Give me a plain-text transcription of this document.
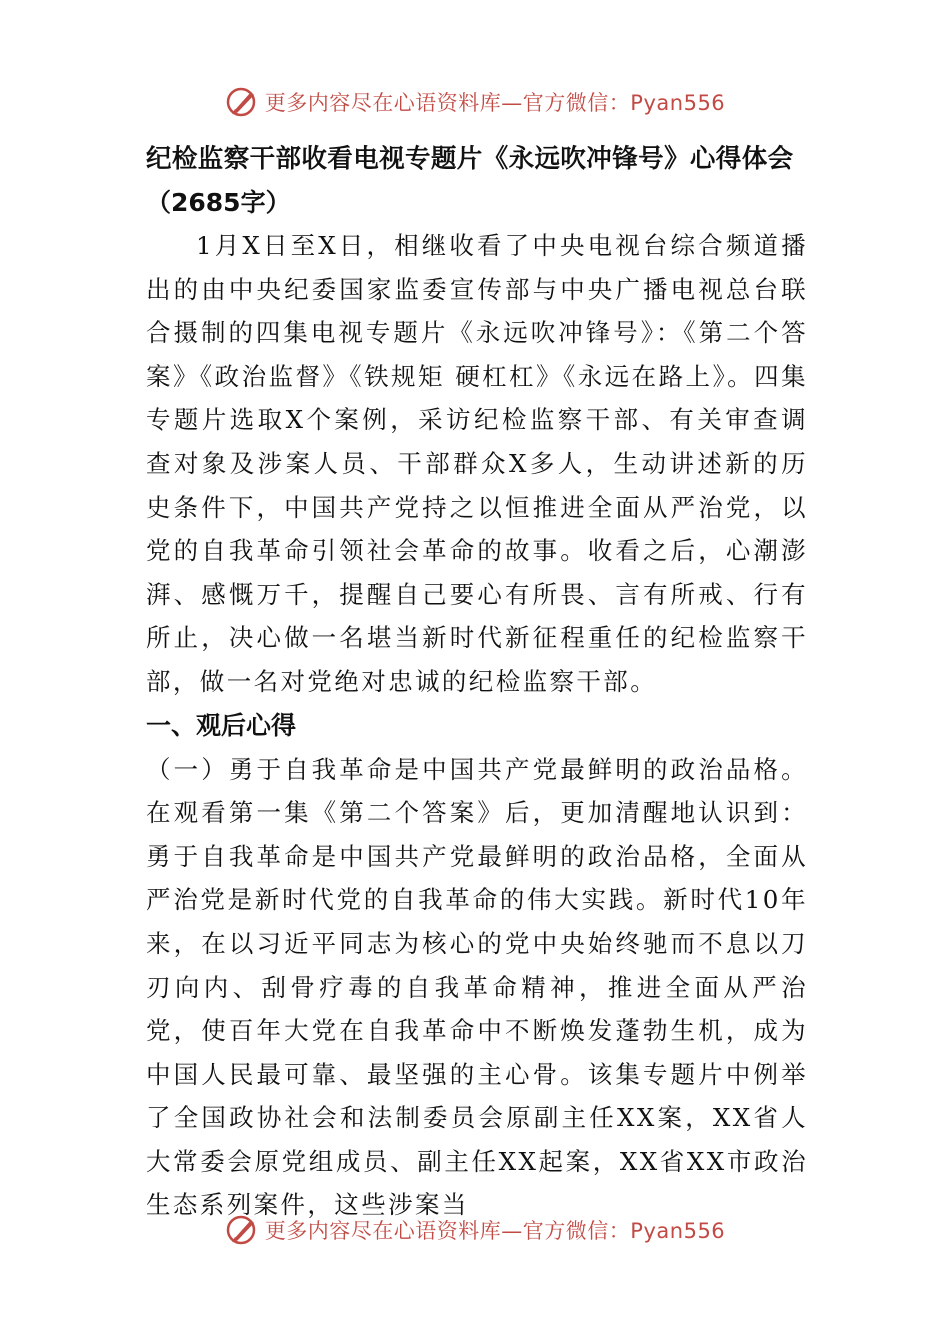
更多内容尽在心语资料库—官方微信：Pyan556

纪检监察干部收看电视专题片《永远吹冲锋号》心得体会

（2685字）

1月X日至X日，相继收看了中央电视台综合频道播出的由中央纪委国家监委宣传部与中央广播电视总台联合摄制的四集电视专题片《永远吹冲锋号》：《第二个答案》《政治监督》《铁规矩 硬杠杠》《永远在路上》。四集专题片选取X个案例，采访纪检监察干部、有关审查调查对象及涉案人员、干部群众X多人，生动讲述新的历史条件下，中国共产党持之以恒推进全面从严治党，以党的自我革命引领社会革命的故事。收看之后，心潮澎湃、感慨万千，提醒自己要心有所畏、言有所戒、行有所止，决心做一名堪当新时代新征程重任的纪检监察干部，做一名对党绝对忠诚的纪检监察干部。

一、观后心得

（一）勇于自我革命是中国共产党最鲜明的政治品格。在观看第一集《第二个答案》后，更加清醒地认识到：勇于自我革命是中国共产党最鲜明的政治品格，全面从严治党是新时代党的自我革命的伟大实践。新时代10年来，在以习近平同志为核心的党中央始终驰而不息以刀刃向内、刮骨疗毒的自我革命精神，推进全面从严治党，使百年大党在自我革命中不断焕发蓬勃生机，成为中国人民最可靠、最坚强的主心骨。该集专题片中例举了全国政协社会和法制委员会原副主任XX案，XX省人大常委会原党组成员、副主任XX起案，XX省XX市政治生态系列案件，这些涉案当

更多内容尽在心语资料库—官方微信：Pyan556
